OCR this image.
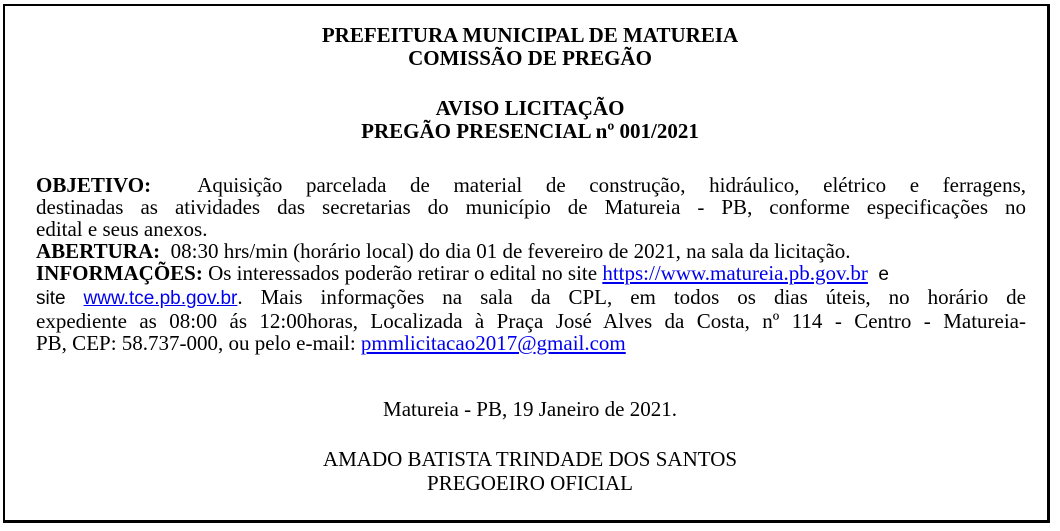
PREFEITURA MUNICIPAL DE MATUREIA
COMISSÃO DE PREGÃO
AVISO LICITAÇÃO
PREGÃO PRESENCIAL nº 001/2021
OBJETIVO: Aquisição parcelada de material de construção, hidráulico, elétrico e ferragens,
destinadas as atividades das secretarias do município de Matureia - PB, conforme especificações no
edital e seus anexos.
ABERTURA: 08:30 hrs/min (horário local) do dia 01 de fevereiro de 2021, na sala da licitação.
INFORMAÇÕES: Os interessados poderão retirar o edital no site https://www.matureia.pb.gov.br e
site www.tce.pb.gov.br. Mais informações na sala da CPL, em todos os dias úteis, no horário de
expediente as 08:00 ás 12:00horas, Localizada à Praça José Alves da Costa, nº 114 - Centro - Matureia-
PB, CEP: 58.737-000, ou pelo e-mail: pmmlicitacao2017@gmail.com
Matureia - PB, 19 Janeiro de 2021.
AMADO BATISTA TRINDADE DOS SANTOS
PREGOEIRO OFICIAL
